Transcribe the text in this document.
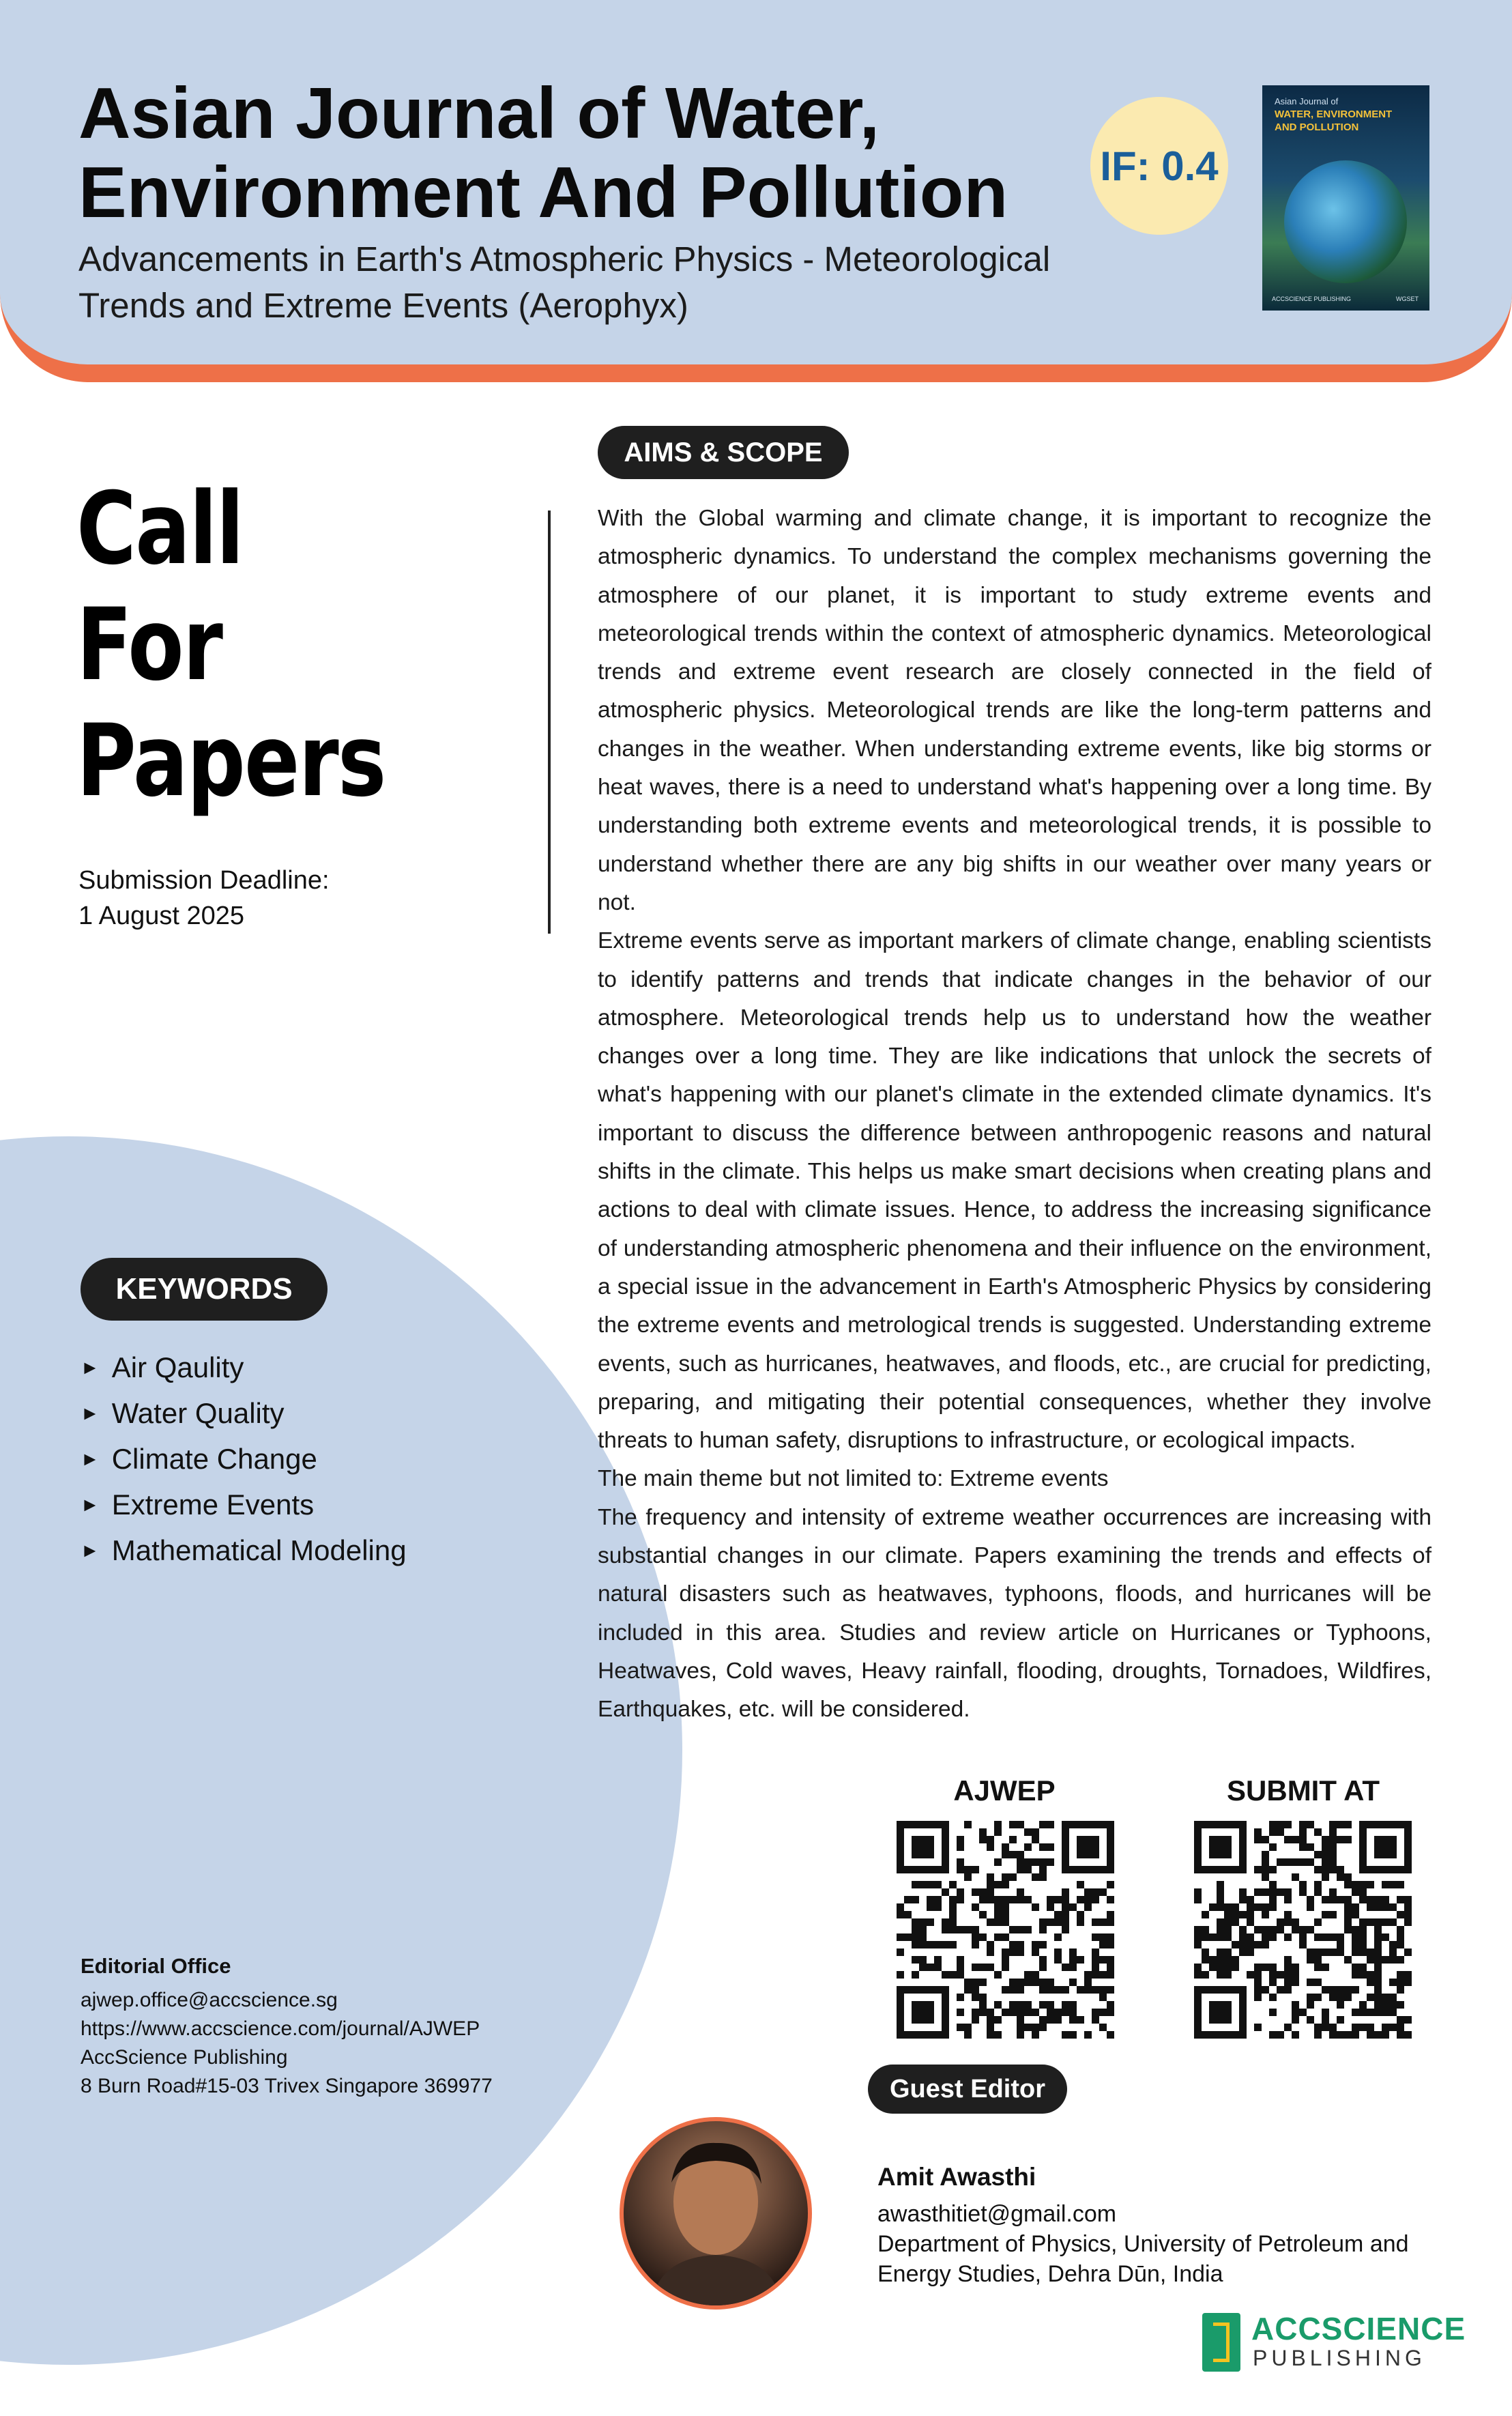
Asian Journal of Water, Environment And Pollution
Advancements in Earth's Atmospheric Physics - Meteorological Trends and Extreme Events (Aerophyx)
IF: 0.4
Asian Journal of
WATER, ENVIRONMENT
AND POLLUTION
ACCSCIENCE PUBLISHING	WGSET
Call
For
Papers
Submission Deadline:
1 August 2025
AIMS & SCOPE

With the Global warming and climate change, it is important to recognize the atmospheric dynamics. To understand the complex mechanisms governing the atmosphere of our planet, it is important to study extreme events and meteorological trends within the context of atmospheric dynamics. Meteorological trends and extreme event research are closely connected in the field of atmospheric physics. Meteorological trends are like the long-term patterns and changes in the weather. When understanding extreme events, like big storms or heat waves, there is a need to understand what's happening over a long time. By understanding both extreme events and meteorological trends, it is possible to understand whether there are any big shifts in our weather over many years or not.

Extreme events serve as important markers of climate change, enabling scientists to identify patterns and trends that indicate changes in the behavior of our atmosphere. Meteorological trends help us to understand how the weather changes over a long time. They are like indications that unlock the secrets of what's happening with our planet's climate in the extended climate dynamics. It's important to discuss the difference between anthropogenic reasons and natural shifts in the climate. This helps us make smart decisions when creating plans and actions to deal with climate issues. Hence, to address the increasing significance of understanding atmospheric phenomena and their influence on the environment, a special issue in the advancement in Earth's Atmospheric Physics by considering the extreme events and metrological trends is suggested. Understanding extreme events, such as hurricanes, heatwaves, and floods, etc., are crucial for predicting, preparing, and mitigating their potential consequences, whether they involve threats to human safety, disruptions to infrastructure, or ecological impacts.

The main theme but not limited to: Extreme events

The frequency and intensity of extreme weather occurrences are increasing with substantial changes in our climate. Papers examining the trends and effects of natural disasters such as heatwaves, typhoons, floods, and hurricanes will be included in this area. Studies and review article on Hurricanes or Typhoons, Heatwaves, Cold waves, Heavy rainfall, flooding, droughts, Tornadoes, Wildfires, Earthquakes, etc. will be considered.

KEYWORDS
► Air Qaulity
► Water Quality
► Climate Change
► Extreme Events
► Mathematical Modeling
AJWEP	SUBMIT AT
Editorial Office
ajwep.office@accscience.sg
https://www.accscience.com/journal/AJWEP
AccScience Publishing
8 Burn Road#15-03 Trivex Singapore 369977	Guest Editor
Amit Awasthi
awasthitiet@gmail.com
Department of Physics, University of Petroleum and Energy Studies, Dehra Dūn, India
ACCSCIENCE
PUBLISHING
